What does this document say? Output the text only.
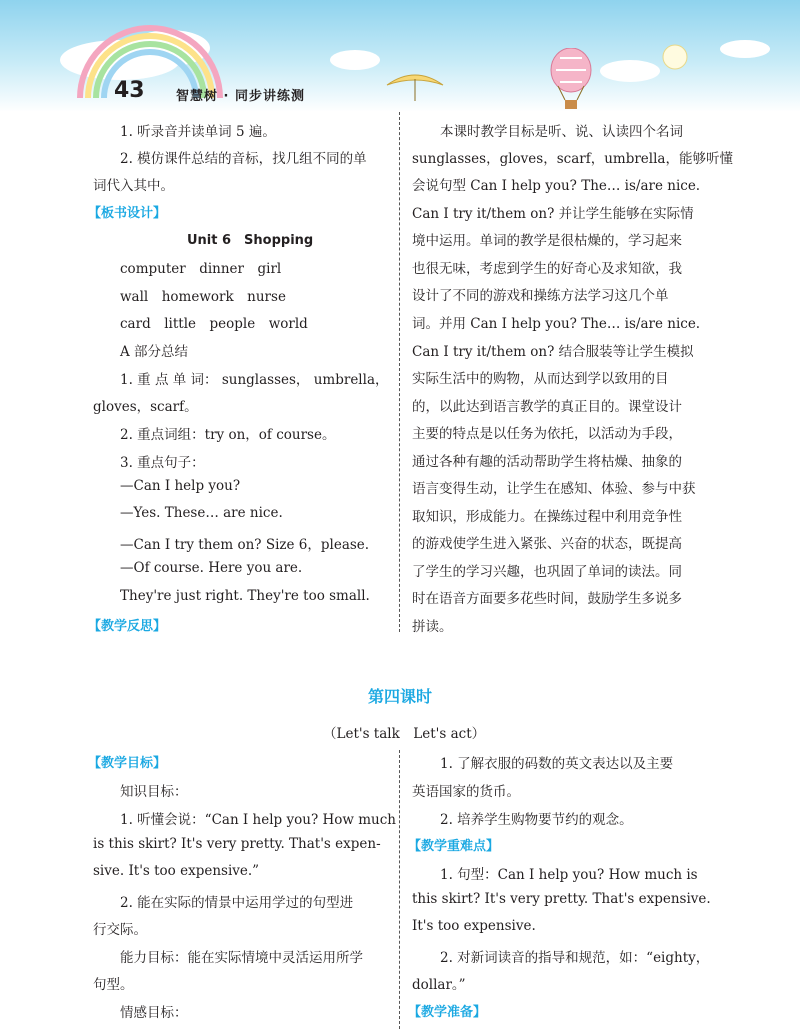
43 智慧树 · 同步讲练测
1. 听录音并读单词 5 遍。
2. 模仿课件总结的音标，找几组不同的单
词代入其中。
【板书设计】
Unit 6　Shopping
computer　dinner　girl
wall　homework　nurse
card　little　people　world
A 部分总结
1. 重 点 单 词： sunglasses， umbrella，
gloves，scarf。
2. 重点词组：try on，of course。
3. 重点句子：
—Can I help you?
—Yes. These… are nice.
—Can I try them on? Size 6，please.
—Of course. Here you are.
They're just right. They're too small.
【教学反思】
本课时教学目标是听、说、认读四个名词
sunglasses，gloves，scarf，umbrella，能够听懂
会说句型 Can I help you? The… is/are nice.
Can I try it/them on? 并让学生能够在实际情
境中运用。单词的教学是很枯燥的，学习起来
也很无味，考虑到学生的好奇心及求知欲，我
设计了不同的游戏和操练方法学习这几个单
词。并用 Can I help you? The… is/are nice.
Can I try it/them on? 结合服装等让学生模拟
实际生活中的购物，从而达到学以致用的目
的，以此达到语言教学的真正目的。课堂设计
主要的特点是以任务为依托，以活动为手段，
通过各种有趣的活动帮助学生将枯燥、抽象的
语言变得生动，让学生在感知、体验、参与中获
取知识，形成能力。在操练过程中利用竞争性
的游戏使学生进入紧张、兴奋的状态，既提高
了学生的学习兴趣，也巩固了单词的读法。同
时在语音方面要多花些时间，鼓励学生多说多
拼读。
第四课时
（Let's talk　Let's act）
【教学目标】
知识目标：
1. 听懂会说：“Can I help you? How much
is this skirt? It's very pretty. That's expen-
sive. It's too expensive.”
2. 能在实际的情景中运用学过的句型进
行交际。
能力目标：能在实际情境中灵活运用所学
句型。
情感目标：
1. 了解衣服的码数的英文表达以及主要
英语国家的货币。
2. 培养学生购物要节约的观念。
【教学重难点】
1. 句型：Can I help you? How much is
this skirt? It's very pretty. That's expensive.
It's too expensive.
2. 对新词读音的指导和规范，如：“eighty，
dollar。”
【教学准备】
